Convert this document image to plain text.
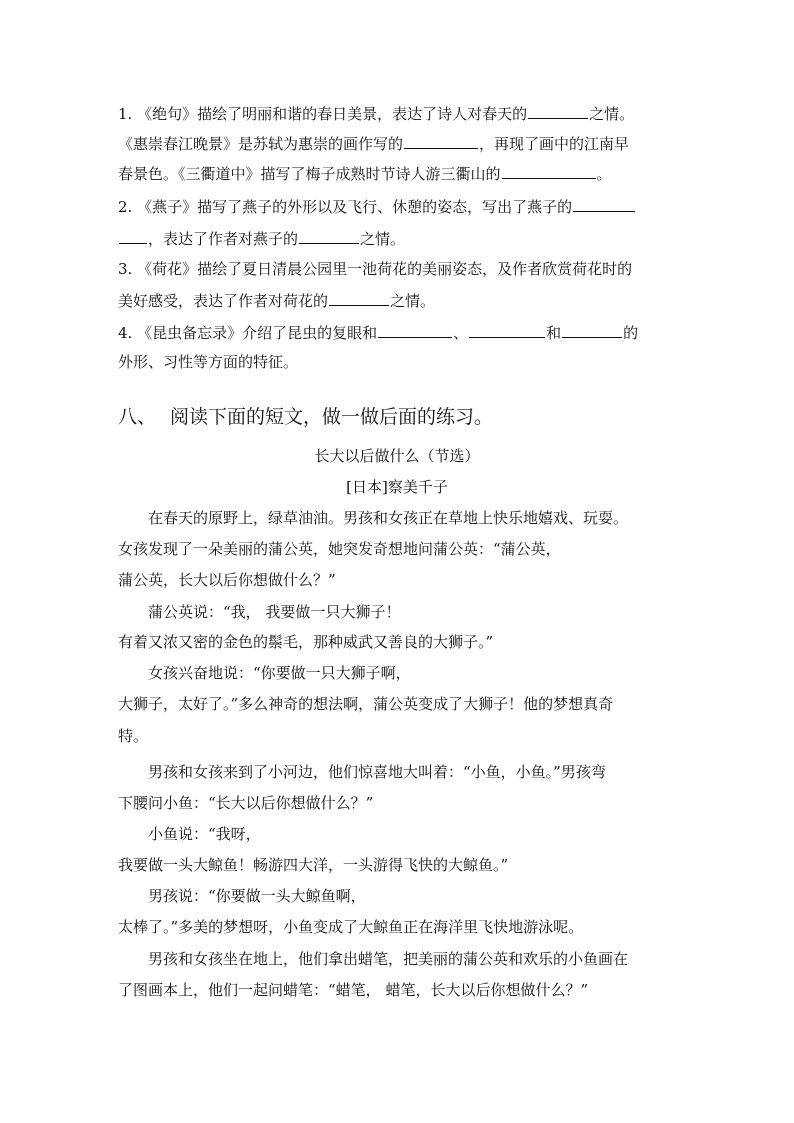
1. 《绝句》描绘了明丽和谐的春日美景，表达了诗人对春天的	之情。
《惠崇春江晚景》是苏轼为惠崇的画作写的	，再现了画中的江南早
春景色。《三衢道中》描写了梅子成熟时节诗人游三衢山的	。
2. 《燕子》描写了燕子的外形以及飞行、休憩的姿态，写出了燕子的
，表达了作者对燕子的	之情。
3. 《荷花》描绘了夏日清晨公园里一池荷花的美丽姿态，及作者欣赏荷花时的
美好感受，表达了作者对荷花的	之情。
4. 《昆虫备忘录》介绍了昆虫的复眼和	、	和	的
外形、习性等方面的特征。
八、 阅读下面的短文，做一做后面的练习。
长大以后做什么（节选）
[日本]察美千子
在春天的原野上，绿草油油。男孩和女孩正在草地上快乐地嬉戏、玩耍。
女孩发现了一朵美丽的蒲公英，她突发奇想地问蒲公英：“蒲公英，
蒲公英，长大以后你想做什么？”
蒲公英说：“我， 我要做一只大狮子！
有着又浓又密的金色的鬃毛，那种威武又善良的大狮子。”
女孩兴奋地说：“你要做一只大狮子啊，
大狮子，太好了。”多么神奇的想法啊，蒲公英变成了大狮子！他的梦想真奇
特。
男孩和女孩来到了小河边，他们惊喜地大叫着：“小鱼，小鱼。”男孩弯
下腰问小鱼：“长大以后你想做什么？”
小鱼说：“我呀，
我要做一头大鲸鱼！畅游四大洋，一头游得飞快的大鲸鱼。”
男孩说：“你要做一头大鲸鱼啊，
太棒了。”多美的梦想呀，小鱼变成了大鲸鱼正在海洋里飞快地游泳呢。
男孩和女孩坐在地上，他们拿出蜡笔，把美丽的蒲公英和欢乐的小鱼画在
了图画本上，他们一起问蜡笔：“蜡笔， 蜡笔，长大以后你想做什么？”
